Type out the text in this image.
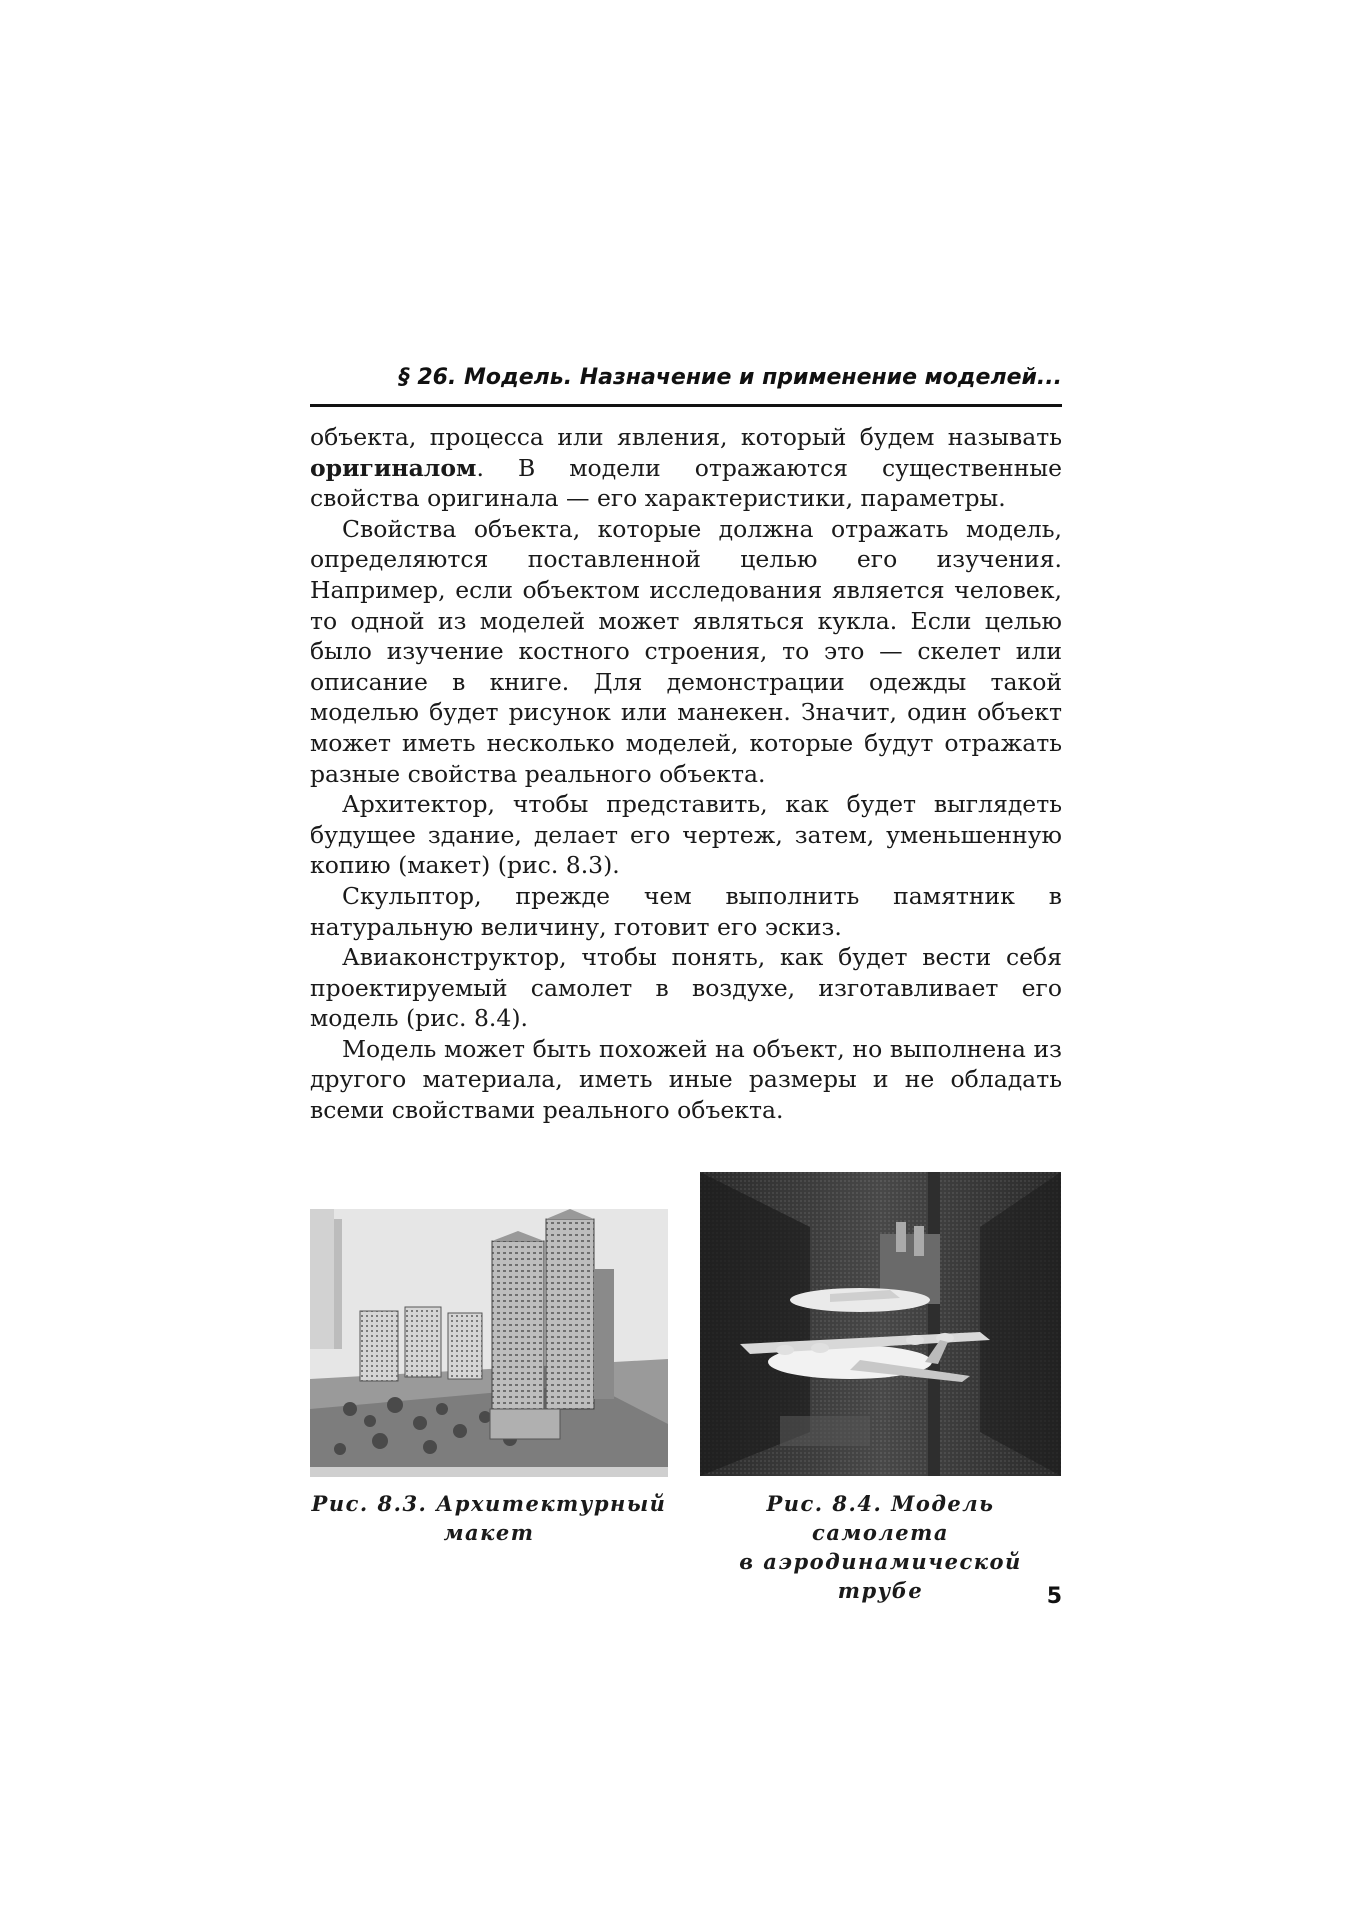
§ 26. Модель. Назначение и применение моделей...

объекта, процесса или явления, который будем называть оригиналом. В модели отражаются существенные свойства оригинала — его характеристики, параметры.

Свойства объекта, которые должна отражать модель, определяются поставленной целью его изучения. Например, если объектом исследования является человек, то одной из моделей может являться кукла. Если целью было изучение костного строения, то это — скелет или описание в книге. Для демонстрации одежды такой моделью будет рисунок или манекен. Значит, один объект может иметь несколько моделей, которые будут отражать разные свойства реального объекта.

Архитектор, чтобы представить, как будет выглядеть будущее здание, делает его чертеж, затем, уменьшенную копию (макет) (рис. 8.3).

Скульптор, прежде чем выполнить памятник в натуральную величину, готовит его эскиз.

Авиаконструктор, чтобы понять, как будет вести себя проектируемый самолет в воздухе, изготавливает его модель (рис. 8.4).

Модель может быть похожей на объект, но выполнена из другого материала, иметь иные размеры и не обладать всеми свойствами реального объекта.

Рис. 8.3. Архитектурный
макет
Рис. 8.4. Модель самолета
в аэродинамической трубе	5
